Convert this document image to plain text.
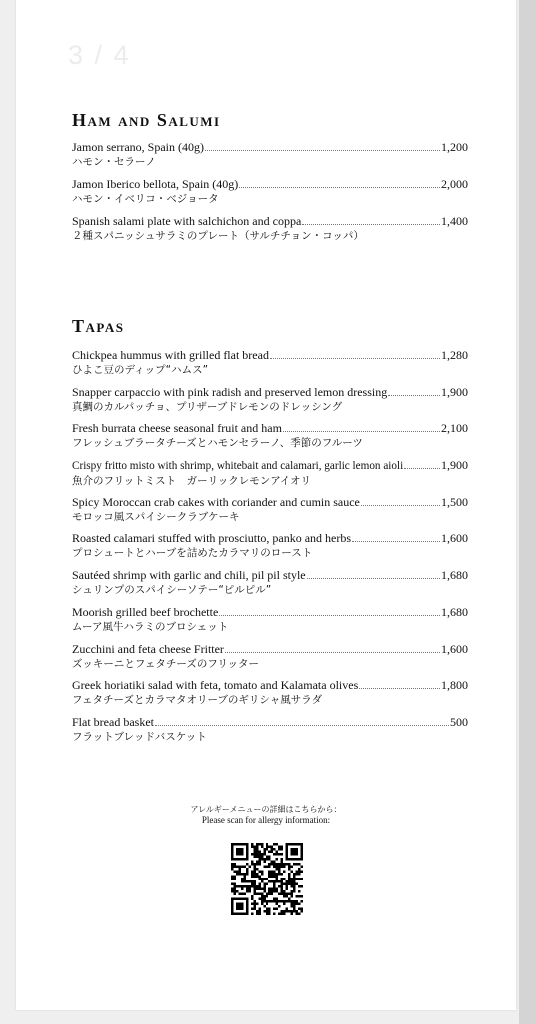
3 / 4
Ham and Salumi
Jamon serrano, Spain (40g)	1,200
ハモン・セラーノ
Jamon Iberico bellota, Spain (40g)	2,000
ハモン・イベリコ・ベジョータ
Spanish salami plate with salchichon and coppa	1,400
２種スパニッシュサラミのプレート（サルチチョン・コッパ）
Tapas
Chickpea hummus with grilled flat bread	1,280
ひよこ豆のディップ“ハムス”
Snapper carpaccio with pink radish and preserved lemon dressing	1,900
真鯛のカルパッチョ、プリザーブドレモンのドレッシング
Fresh burrata cheese seasonal fruit and ham	2,100
フレッシュブラータチーズとハモンセラーノ、季節のフルーツ
Crispy fritto misto with shrimp, whitebait and calamari, garlic lemon aioli	1,900
魚介のフリットミスト　ガーリックレモンアイオリ
Spicy Moroccan crab cakes with coriander and cumin sauce	1,500
モロッコ風スパイシークラブケーキ
Roasted calamari stuffed with prosciutto, panko and herbs	1,600
プロシュートとハーブを詰めたカラマリのロースト
Sautéed shrimp with garlic and chili, pil pil style	1,680
シュリンプのスパイシーソテー“ピルピル”
Moorish grilled beef brochette	1,680
ムーア風牛ハラミのブロシェット
Zucchini and feta cheese Fritter	1,600
ズッキーニとフェタチーズのフリッター
Greek horiatiki salad with feta, tomato and Kalamata olives	1,800
フェタチーズとカラマタオリーブのギリシャ風サラダ
Flat bread basket	500
フラットブレッドバスケット
アレルギーメニューの詳細はこちらから：
Please scan for allergy information:
